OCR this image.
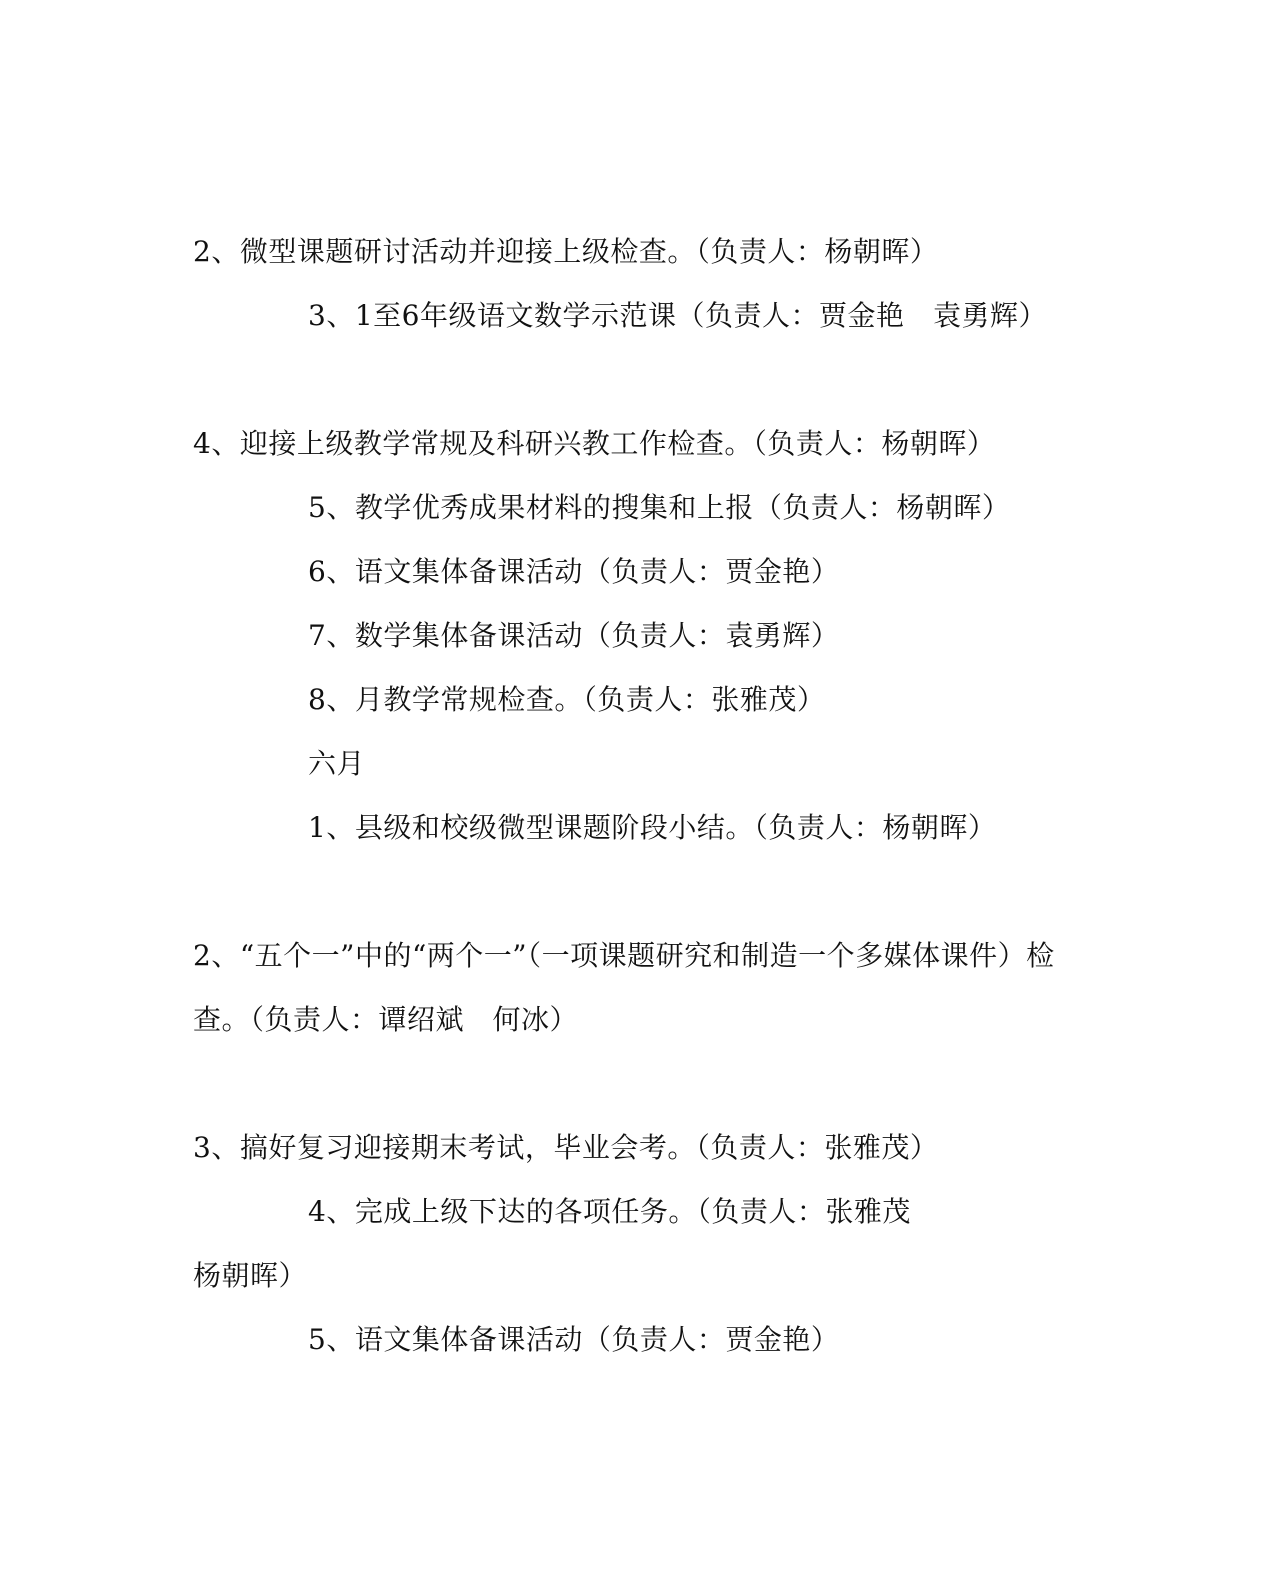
2、微型课题研讨活动并迎接上级检查。（负责人：杨朝晖）
3、1至6年级语文数学示范课（负责人：贾金艳　袁勇辉）
4、迎接上级教学常规及科研兴教工作检查。（负责人：杨朝晖）
5、教学优秀成果材料的搜集和上报（负责人：杨朝晖）
6、语文集体备课活动（负责人：贾金艳）
7、数学集体备课活动（负责人：袁勇辉）
8、月教学常规检查。（负责人：张雅茂）
六月
1、县级和校级微型课题阶段小结。（负责人：杨朝晖）
2、“五个一”中的“两个一”（一项课题研究和制造一个多媒体课件）检
查。（负责人：谭绍斌　何冰）
3、搞好复习迎接期末考试，毕业会考。（负责人：张雅茂）
4、完成上级下达的各项任务。（负责人：张雅茂
杨朝晖）
5、语文集体备课活动（负责人：贾金艳）
